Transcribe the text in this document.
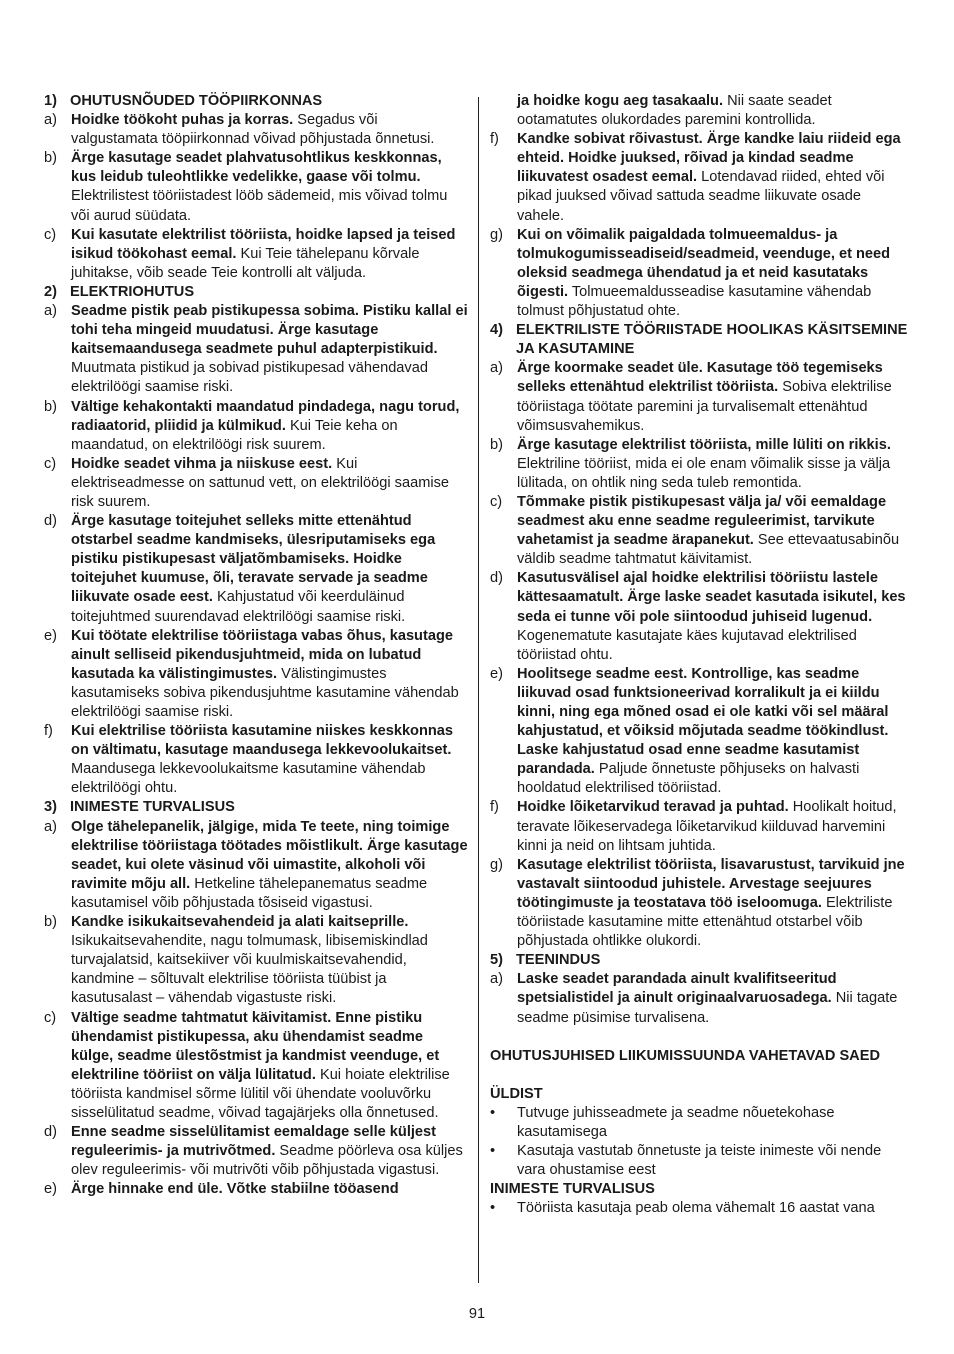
1) OHUTUSNÕUDED TÖÖPIIRKONNAS
a) Hoidke töökoht puhas ja korras. Segadus või valgustamata tööpiirkonnad võivad põhjustada õnnetusi.
b) Ärge kasutage seadet plahvatusohtlikus keskkonnas, kus leidub tuleohtlikke vedelikke, gaase või tolmu. Elektrilistest tööriistadest lööb sädemeid, mis võivad tolmu või aurud süüdata.
c)	Kui kasutate elektrilist tööriista, hoidke lapsed ja teised isikud töökohast eemal. Kui Teie tähelepanu kõrvale juhitakse, võib seade Teie kontrolli alt väljuda.
2) ELEKTRIOHUTUS
a) Seadme pistik peab pistikupessa sobima. Pistiku kallal ei tohi teha mingeid muudatusi. Ärge kasutage kaitsemaandusega seadmete puhul adapterpistikuid. Muutmata pistikud ja sobivad pistikupesad vähendavad elektrilöögi saamise riski.
b) Vältige kehakontakti maandatud pindadega, nagu torud, radiaatorid, pliidid ja külmikud. Kui Teie keha on maandatud, on elektrilöögi risk suurem.
c)	Hoidke seadet vihma ja niiskuse eest. Kui elektriseadmesse on sattunud vett, on elektrilöögi saamise risk suurem.
d) Ärge kasutage toitejuhet selleks mitte ettenähtud otstarbel seadme kandmiseks, ülesriputamiseks ega pistiku pistikupesast väljatõmbamiseks. Hoidke toitejuhet kuumuse, õli, teravate servade ja seadme liikuvate osade eest. Kahjustatud või keerduläinud toitejuhtmed suurendavad elektrilöögi saamise riski.
e) Kui töötate elektrilise tööriistaga vabas õhus, kasutage ainult selliseid pikendusjuhtmeid, mida on lubatud kasutada ka välistingimustes. Välistingimustes kasutamiseks sobiva pikendusjuhtme kasutamine vähendab elektrilöögi saamise riski.
f)	Kui elektrilise tööriista kasutamine niiskes keskkonnas on vältimatu, kasutage maandusega lekkevoolukaitset. Maandusega lekkevoolukaitsme kasutamine vähendab elektrilöögi ohtu.
3) INIMESTE TURVALISUS
a) Olge tähelepanelik, jälgige, mida Te teete, ning toimige elektrilise tööriistaga töötades mõistlikult. Ärge kasutage seadet, kui olete väsinud või uimastite, alkoholi või ravimite mõju all. Hetkeline tähelepanematus seadme kasutamisel võib põhjustada tõsiseid vigastusi.
b) Kandke isikukaitsevahendeid ja alati kaitseprille. Isikukaitsevahendite, nagu tolmumask, libisemiskindlad turvajalatsid, kaitsekiiver või kuulmiskaitsevahendid, kandmine – sõltuvalt elektrilise tööriista tüübist ja kasutusalast – vähendab vigastuste riski.
c)	Vältige seadme tahtmatut käivitamist. Enne pistiku ühendamist pistikupessa, aku ühendamist seadme külge, seadme ülestõstmist ja kandmist veenduge, et elektriline tööriist on välja lülitatud. Kui hoiate elektrilise tööriista kandmisel sõrme lülitil või ühendate vooluvõrku sisselülitatud seadme, võivad tagajärjeks olla õnnetused.
d) Enne seadme sisselülitamist eemaldage selle küljest reguleerimis- ja mutrivõtmed. Seadme pöörleva osa küljes olev reguleerimis- või mutrivõti võib põhjustada vigastusi.
e) Ärge hinnake end üle. Võtke stabiilne tööasend
ja hoidke kogu aeg tasakaalu. Nii saate seadet ootamatutes olukordades paremini kontrollida.
f)	Kandke sobivat rõivastust. Ärge kandke laiu riideid ega ehteid. Hoidke juuksed, rõivad ja kindad seadme liikuvatest osadest eemal. Lotendavad riided, ehted või pikad juuksed võivad sattuda seadme liikuvate osade vahele.
g) Kui on võimalik paigaldada tolmueemaldus- ja tolmukogumisseadiseid/seadmeid, veenduge, et need oleksid seadmega ühendatud ja et neid kasutataks õigesti. Tolmueemaldusseadise kasutamine vähendab tolmust põhjustatud ohte.
4) ELEKTRILISTE TÖÖRIISTADE HOOLIKAS KÄSITSEMINE JA KASUTAMINE
a) Ärge koormake seadet üle. Kasutage töö tegemiseks selleks ettenähtud elektrilist tööriista. Sobiva elektrilise tööriistaga töötate paremini ja turvalisemalt ettenähtud võimsusvahemikus.
b) Ärge kasutage elektrilist tööriista, mille lüliti on rikkis. Elektriline tööriist, mida ei ole enam võimalik sisse ja välja lülitada, on ohtlik ning seda tuleb remontida.
c)	Tõmmake pistik pistikupesast välja ja/ või eemaldage seadmest aku enne seadme reguleerimist, tarvikute vahetamist ja seadme ärapanekut. See ettevaatusabinõu väldib seadme tahtmatut käivitamist.
d) Kasutusvälisel ajal hoidke elektrilisi tööriistu lastele kättesaamatult. Ärge laske seadet kasutada isikutel, kes seda ei tunne või pole siintoodud juhiseid lugenud. Kogenematute kasutajate käes kujutavad elektrilised tööriistad ohtu.
e) Hoolitsege seadme eest. Kontrollige, kas seadme liikuvad osad funktsioneerivad korralikult ja ei kiildu kinni, ning ega mõned osad ei ole katki või sel määral kahjustatud, et võiksid mõjutada seadme töökindlust. Laske kahjustatud osad enne seadme kasutamist parandada. Paljude õnnetuste põhjuseks on halvasti hooldatud elektrilised tööriistad.
f)	Hoidke lõiketarvikud teravad ja puhtad. Hoolikalt hoitud, teravate lõikeservadega lõiketarvikud kiilduvad harvemini kinni ja neid on lihtsam juhtida.
g) Kasutage elektrilist tööriista, lisavarustust, tarvikuid jne vastavalt siintoodud juhistele. Arvestage seejuures töötingimuste ja teostatava töö iseloomuga. Elektriliste tööriistade kasutamine mitte ettenähtud otstarbel võib põhjustada ohtlikke olukordi.
5) TEENINDUS
a) Laske seadet parandada ainult kvalifitseeritud spetsialistidel ja ainult originaalvaruosadega. Nii tagate seadme püsimise turvalisena.
OHUTUSJUHISED LIIKUMISSUUNDA VAHETAVAD SAED
ÜLDIST
•	Tutvuge juhisseadmete ja seadme nõuetekohase kasutamisega
•	Kasutaja vastutab õnnetuste ja teiste inimeste või nende vara ohustamise eest
INIMESTE TURVALISUS
•	Tööriista kasutaja peab olema vähemalt 16 aastat vana
91
